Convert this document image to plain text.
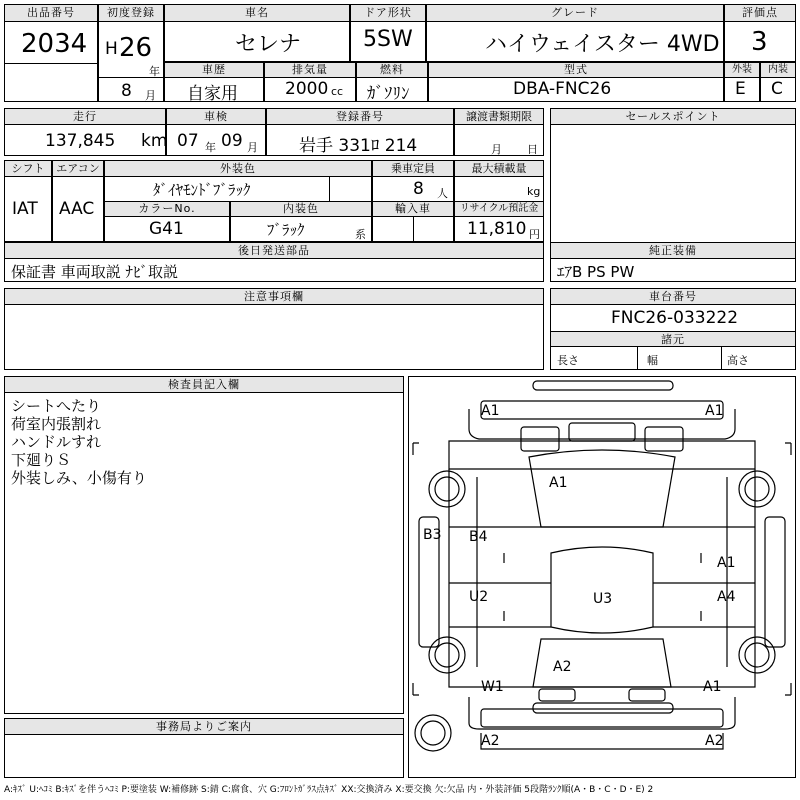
出品番号
2034
初度登録
H 26
年
8 月
車名
セレナ
ドア形状
5SW
グレード
ハイウェイスター 4WD
評価点
3
車歴
自家用
排気量
2000 cc
燃料
ｶﾞｿﾘﾝ
型式
DBA-FNC26
外装
E
内装
C
走行
137,845 km
車検
07 年 09 月
登録番号
岩手 331ﾛ 214
譲渡書類期限
月 日
セールスポイント
シフト
IAT
エアコン
AAC
外装色
ﾀﾞｲﾔﾓﾝﾄﾞﾌﾞﾗｯｸ
乗車定員
8 人
最大積載量
kg
カラーNo.
G41
内装色
ﾌﾞﾗｯｸ	系
輸入車	リサイクル預託金
11,810 円
後日発送部品
保証書 車両取説 ﾅﾋﾞ取説
純正装備
ｴｱB PS PW
注意事項欄	車台番号
FNC26-033222
諸元
長さ	幅	高さ
検査員記入欄
シートへたり
荷室内張割れ
ハンドルすれ
下廻りＳ
外装しみ、小傷有り
事務局よりご案内
A1	A1
A1
B3 B4
A1
U2	U3	A4
A2
W1	A1
A2	A2
A:ｷｽﾞ U:ﾍｺﾐ B:ｷｽﾞを伴うﾍｺﾐ P:要塗装 W:補修跡 S:錆 C:腐食、穴 G:ﾌﾛﾝﾄｶﾞﾗｽ点ｷｽﾞ XX:交換済み X:要交換 欠:欠品 内・外装評価 5段階ﾗﾝｸ順(A・B・C・D・E) 2
